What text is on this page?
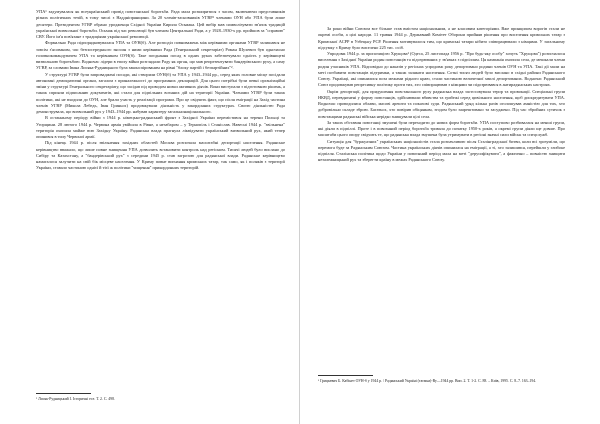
УПА¹ задумувалася як всеукраїнський провід повстанської боротьби. Рада мала розширитися з часом, включаючи представників різних політичних течій, в тому числі з Наддніпрянщини. За 20 членів-засновників УГВР¹ членами ОУН або УПА були лише десятеро. Президентом УГВР обрано уродженця Східної України Кирила Осьмака. Цей вибір мав символізувати зв'язок традицій української визвольної боротьби. Осьмак під час революції був членом Центральної Ради, а у 1928–1930-х рр. пройшов за "справою" СВУ. Його ім'я пов'язане з традиціями української революції.

Формально Рада підпорядковувалася УПА та ОУН(б). Але розподіл повноважень між керівними органами УГВР залишався не зовсім з'ясованим, час безпосереднього зносин з ними керівники Рада (Генеральний секретаріат) Роман Шухевич був одночасно головнокомандувачем УПА та керівником ОУН(б). Таке поєднання посад в одних руках забезпечувало єдність у керівництві визвольною боротьбою. Водночас лідери в епоху війни розглядали Раду як орган, що мав репрезентувати бандерівського руху, а саму УГВР, за словами Івана Лисяка-Рудницького була законспірованим на рівні "блоку партій і безпартійних"².

У структурі УГВР були запроваджені посади, які створили ОУН(б) та УПА у 1943–1944 рр., серед яких головне місце посідали автономні демократичні органи, загалом з приналежності до програмних декларацій. Для цього потрібні були певні організаційні зміни у структурі Генерального секретаріату, що засідав під проводом низки активних діячів. Вони виступали з підготовкою рішень, а також сприяли підписанню документів, які стали для підпільних воєнних дій на території України. Членами УГВР були також політики, які не входили до ОУН, але брали участь у реалізації програми. Про це свідчить факт, що після еміграції на Захід частина членів УГВР (Микола Лебедь, Іван Гриньох) продовжували діяльність у закордонних структурах. Своєю діяльністю Рада демонструвала, що визвольний рух у 1943–1944 рр. набував характеру загальнонаціонального.

В останньому періоду війни з 1944 р. німецько-радянський фронт з Західної України перемістився на терени Польщі та Угорщини. 28 лютого 1944 р. Червона армія увійшла в Рівне, а незабаром – у Тернопіль і Станіслав. Навесні 1944 р. "звільнена" територія охопила майже всю Західну Україну. Радянська влада прагнула ліквідувати український визвольний рух, який тепер опинився в тилу Червоної армії.

Під кінець 1944 р. після звільнення західних областей Москва розпочала масштабні депортації населення. Радянське керівництво вважало, що лише повне знищення УПА дозволить встановити контроль над регіоном. Тисячі людей було вислано до Сибіру та Казахстану, а "бандерівський рух" з середини 1945 р. став загрозою для радянської влади. Радянське керівництво намагалося залучити на свій бік місцеве населення. У Криму повне вигнання кримських татар, так само, як і поляків з території України, ставало частиною однієї й тієї ж політики "чищення" прикордонних територій.

² Лисяк-Рудницький І. Історичні есе. Т. 2. С. 498.

За роки війни Союзом все більше став вмістом національним, а не класовим категоріями. Вже принципом ворогів стали не окремі особи, а цілі народи. 11 травня 1944 р. Державний Комітет Оборони прийняв рішення про виселення кримських татар з Кримської АСРР в Узбецьку РСР. Рішення мотивувалося тим, що кримські татари нібито співпрацювали з німцями. У загальному підсумку з Криму було виселено 225 тис. осіб.

Упродовж 1944 р. за пропозицією Хрущова¹ (Одеса, 25 листопада 1956 р. "Про будь-яку особу" хочуть "Хрущова") розпочалося виселення з Західної України родин повстанців та підозрюваних у зв'язках з підпіллям. Ця кампанія охопила села, де мешкали члени родин учасників УПА. Відповідно до наказів у регіонах упродовж року депортовано родини членів ОУН та УПА. Такі дії мали на меті позбавити повстанців підтримки, а також залякати населення. Сотні тисяч людей було вислано в східні райони Радянського Союзу. Українці, які опинилися поза межами рідного краю, стали частиною величезної хвилі депортованих. Водночас Радянський Союз продовжував репресивну політику проти тих, хто співпрацював з німцями чи підозрювався в антирадянських настроях.

Окрім депортації, для придушення повстанського руху радянська влада застосовувала терор та провокації. Спеціальні групи НКВД, перевдягнені у форму повстанців, здійснювали вбивства та грабежі серед цивільного населення, щоб дискредитувати УПА. Водночас проводилися облави, масові арешти та показові суди. Радянський уряд кілька разів оголошував амністію для тих, хто добровільно складе зброю. Багатьох, хто повірив обіцянкам, згодом було заарештовано та засуджено. Під час збройних сутичок з повстанцями радянські війська нерідко знищували цілі села.

За таких обставин повстанці змушені були переходити до нових форм боротьби. УПА поступово розбивалася на менші групи, які діяли в підпіллі. Проте і в повоєнний період боротьба тривала до початку 1950-х років, а окремі групи діяли ще довше. Про масштаби цього опору свідчить те, що радянська влада змушена була утримувати в регіоні значні сили військ та спецслужб.

Ситуація для "буржуазних" українських націоналістів стала розпачливою після Сталінградської битви, коли всі зрозуміли, що перемога буде за Радянським Союзом. Частина українських діячів опинилася на еміграції, а ті, хто залишився, перейшли у глибоке підпілля. Сталінська політика щодо України у повоєнний період мала на меті "дерусифікувати", а фактично – повністю знищити незалежницький рух та зберегти країну в межах Радянського Союзу.

¹ Грицкевич Б. Кабінет ОУН-б у 1944 р. / Радянський Україні (таємна)-Ву—1944 рр. Вип. 2. Т. 1-2. С. 88. – Київ, 1995. С. 8–7. 163–194.
